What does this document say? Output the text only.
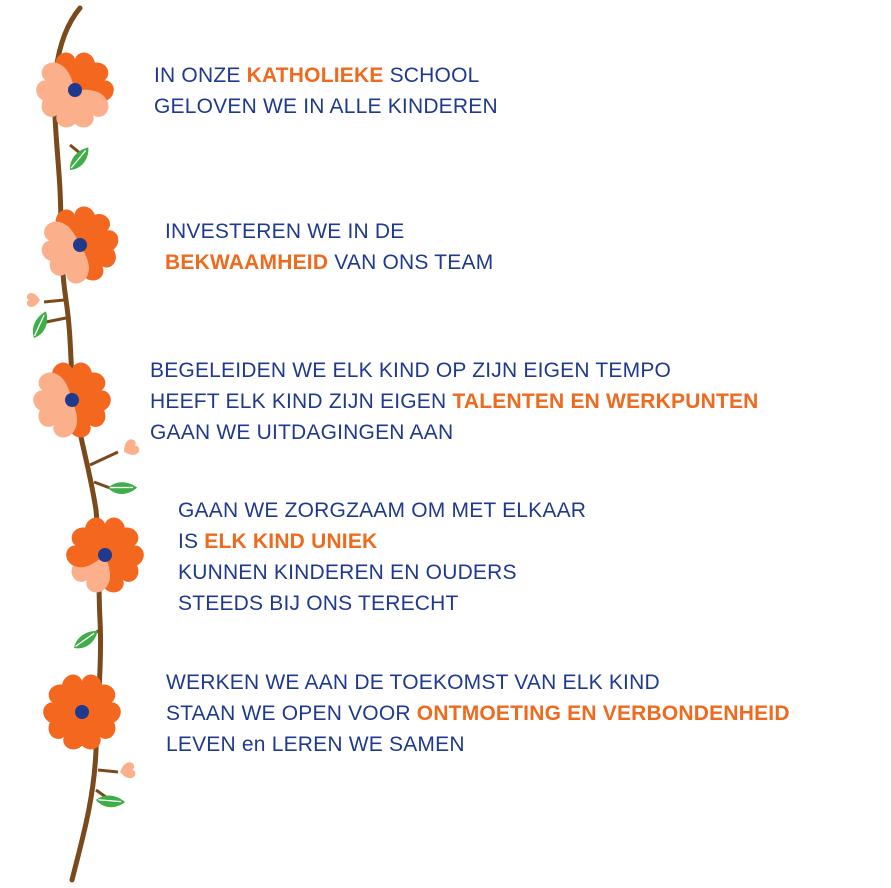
IN ONZE KATHOLIEKE SCHOOL
GELOVEN WE IN ALLE KINDEREN
INVESTEREN WE IN DE
BEKWAAMHEID VAN ONS TEAM
BEGELEIDEN WE ELK KIND OP ZIJN EIGEN TEMPO
HEEFT ELK KIND ZIJN EIGEN TALENTEN EN WERKPUNTEN
GAAN WE UITDAGINGEN AAN
GAAN WE ZORGZAAM OM MET ELKAAR
IS ELK KIND UNIEK
KUNNEN KINDEREN EN OUDERS
STEEDS BIJ ONS TERECHT
WERKEN WE AAN DE TOEKOMST VAN ELK KIND
STAAN WE OPEN VOOR ONTMOETING EN VERBONDENHEID
LEVEN en LEREN WE SAMEN
